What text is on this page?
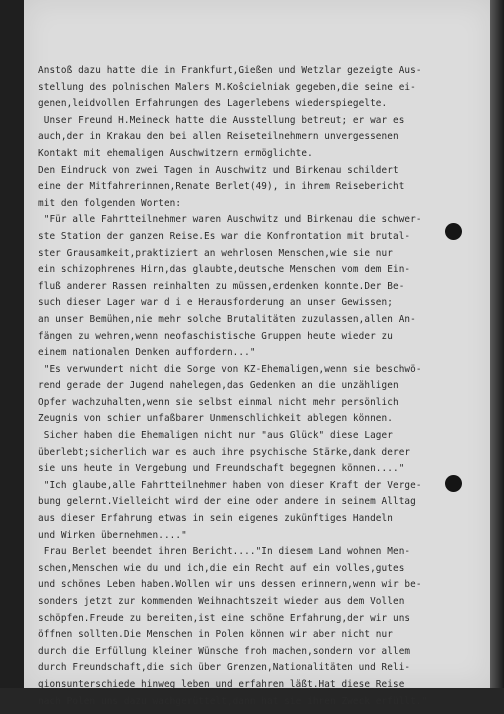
Anstoß dazu hatte die in Frankfurt,Gießen und Wetzlar gezeigte Aus-
stellung des polnischen Malers M.Koŝcielniak gegeben,die seine ei-
genen,leidvollen Erfahrungen des Lagerlebens wiederspiegelte.
Unser Freund H.Meineck hatte die Ausstellung betreut; er war es
auch,der in Krakau den bei allen Reiseteilnehmern unvergessenen
Kontakt mit ehemaligen Auschwitzern ermöglichte.
Den Eindruck von zwei Tagen in Auschwitz und Birkenau schildert
eine der Mitfahrerinnen,Renate Berlet(49), in ihrem Reisebericht
mit den folgenden Worten:
"Für alle Fahrtteilnehmer waren Auschwitz und Birkenau die schwer-
ste Station der ganzen Reise.Es war die Konfrontation mit brutal-
ster Grausamkeit,praktiziert an wehrlosen Menschen,wie sie nur
ein schizophrenes Hirn,das glaubte,deutsche Menschen vom dem Ein-
fluß anderer Rassen reinhalten zu müssen,erdenken konnte.Der Be-
such dieser Lager war d i e Herausforderung an unser Gewissen;
an unser Bemühen,nie mehr solche Brutalitäten zuzulassen,allen An-
fängen zu wehren,wenn neofaschistische Gruppen heute wieder zu
einem nationalen Denken auffordern..."
"Es verwundert nicht die Sorge von KZ-Ehemaligen,wenn sie beschwö-
rend gerade der Jugend nahelegen,das Gedenken an die unzähligen
Opfer wachzuhalten,wenn sie selbst einmal nicht mehr persönlich
Zeugnis von schier unfaßbarer Unmenschlichkeit ablegen können.
Sicher haben die Ehemaligen nicht nur "aus Glück" diese Lager
überlebt;sicherlich war es auch ihre psychische Stärke,dank derer
sie uns heute in Vergebung und Freundschaft begegnen können...."
"Ich glaube,alle Fahrtteilnehmer haben von dieser Kraft der Verge-
bung gelernt.Vielleicht wird der eine oder andere in seinem Alltag
aus dieser Erfahrung etwas in sein eigenes zukünftiges Handeln
und Wirken übernehmen...."
Frau Berlet beendet ihren Bericht...."In diesem Land wohnen Men-
schen,Menschen wie du und ich,die ein Recht auf ein volles,gutes
und schönes Leben haben.Wollen wir uns dessen erinnern,wenn wir be-
sonders jetzt zur kommenden Weihnachtszeit wieder aus dem Vollen
schöpfen.Freude zu bereiten,ist eine schöne Erfahrung,der wir uns
öffnen sollten.Die Menschen in Polen können wir aber nicht nur
durch die Erfüllung kleiner Wünsche froh machen,sondern vor allem
durch Freundschaft,die sich über Grenzen,Nationalitäten und Reli-
gionsunterschiede hinweg leben und erfahren läßt.Hat diese Reise
nach Polen uns dazu wachgerüttelt,dann hat sie ihren Zweck erfüllt."
